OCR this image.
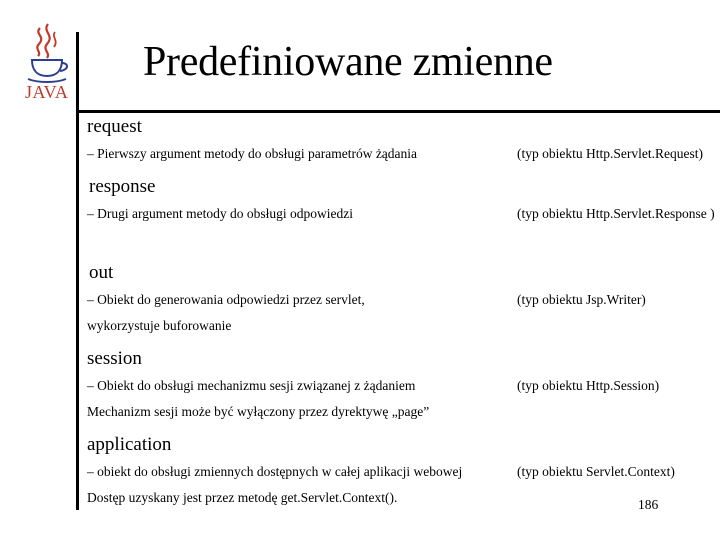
JAVA
Predefiniowane zmienne
request
– Pierwszy argument metody do obsługi parametrów żądania	(typ obiektu Http.Servlet.Request)
response
– Drugi argument metody do obsługi odpowiedzi	(typ obiektu Http.Servlet.Response )
out
– Obiekt do generowania odpowiedzi przez servlet,
wykorzystuje buforowanie
(typ obiektu Jsp.Writer)
session
– Obiekt do obsługi mechanizmu sesji związanej z żądaniem
Mechanizm sesji może być wyłączony przez dyrektywę „page”
(typ obiektu Http.Session)
application
– obiekt do obsługi zmiennych dostępnych w całej aplikacji webowej
Dostęp uzyskany jest przez metodę get.Servlet.Context().
(typ obiektu Servlet.Context)
186
